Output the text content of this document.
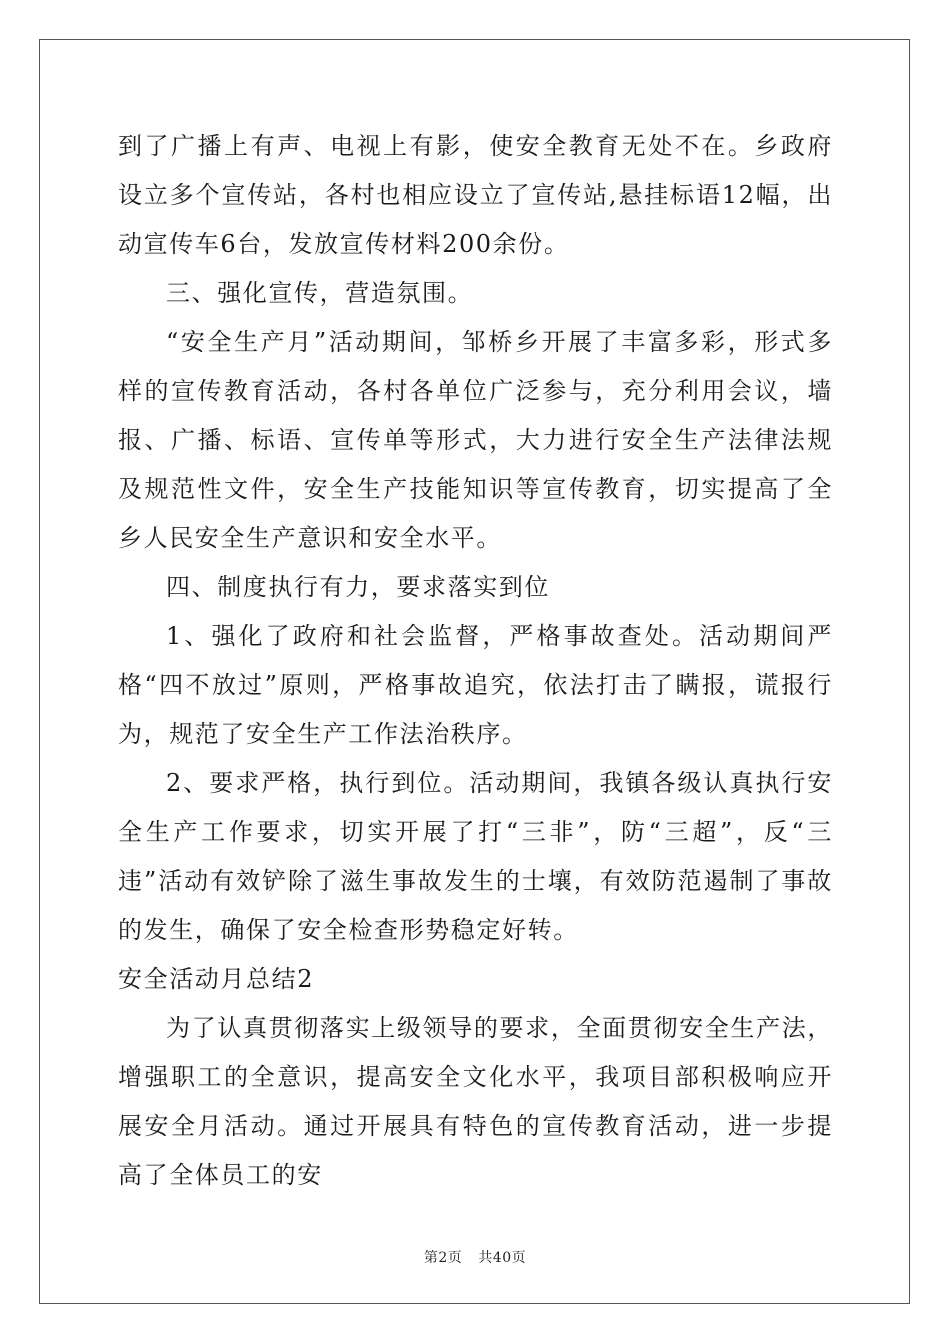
到了广播上有声、电视上有影，使安全教育无处不在。乡政府设立多个宣传站，各村也相应设立了宣传站,悬挂标语12幅，出动宣传车6台，发放宣传材料200余份。

三、强化宣传，营造氛围。

“安全生产月”活动期间，邹桥乡开展了丰富多彩，形式多样的宣传教育活动，各村各单位广泛参与，充分利用会议，墙报、广播、标语、宣传单等形式，大力进行安全生产法律法规及规范性文件，安全生产技能知识等宣传教育，切实提高了全乡人民安全生产意识和安全水平。

四、制度执行有力，要求落实到位

1、强化了政府和社会监督，严格事故查处。活动期间严格“四不放过”原则，严格事故追究，依法打击了瞒报，谎报行为，规范了安全生产工作法治秩序。

2、要求严格，执行到位。活动期间，我镇各级认真执行安全生产工作要求，切实开展了打“三非”，防“三超”，反“三违”活动有效铲除了滋生事故发生的士壤，有效防范遏制了事故的发生，确保了安全检查形势稳定好转。

安全活动月总结2

为了认真贯彻落实上级领导的要求，全面贯彻安全生产法，增强职工的全意识，提高安全文化水平，我项目部积极响应开展安全月活动。通过开展具有特色的宣传教育活动，进一步提高了全体员工的安

第2页 共40页
